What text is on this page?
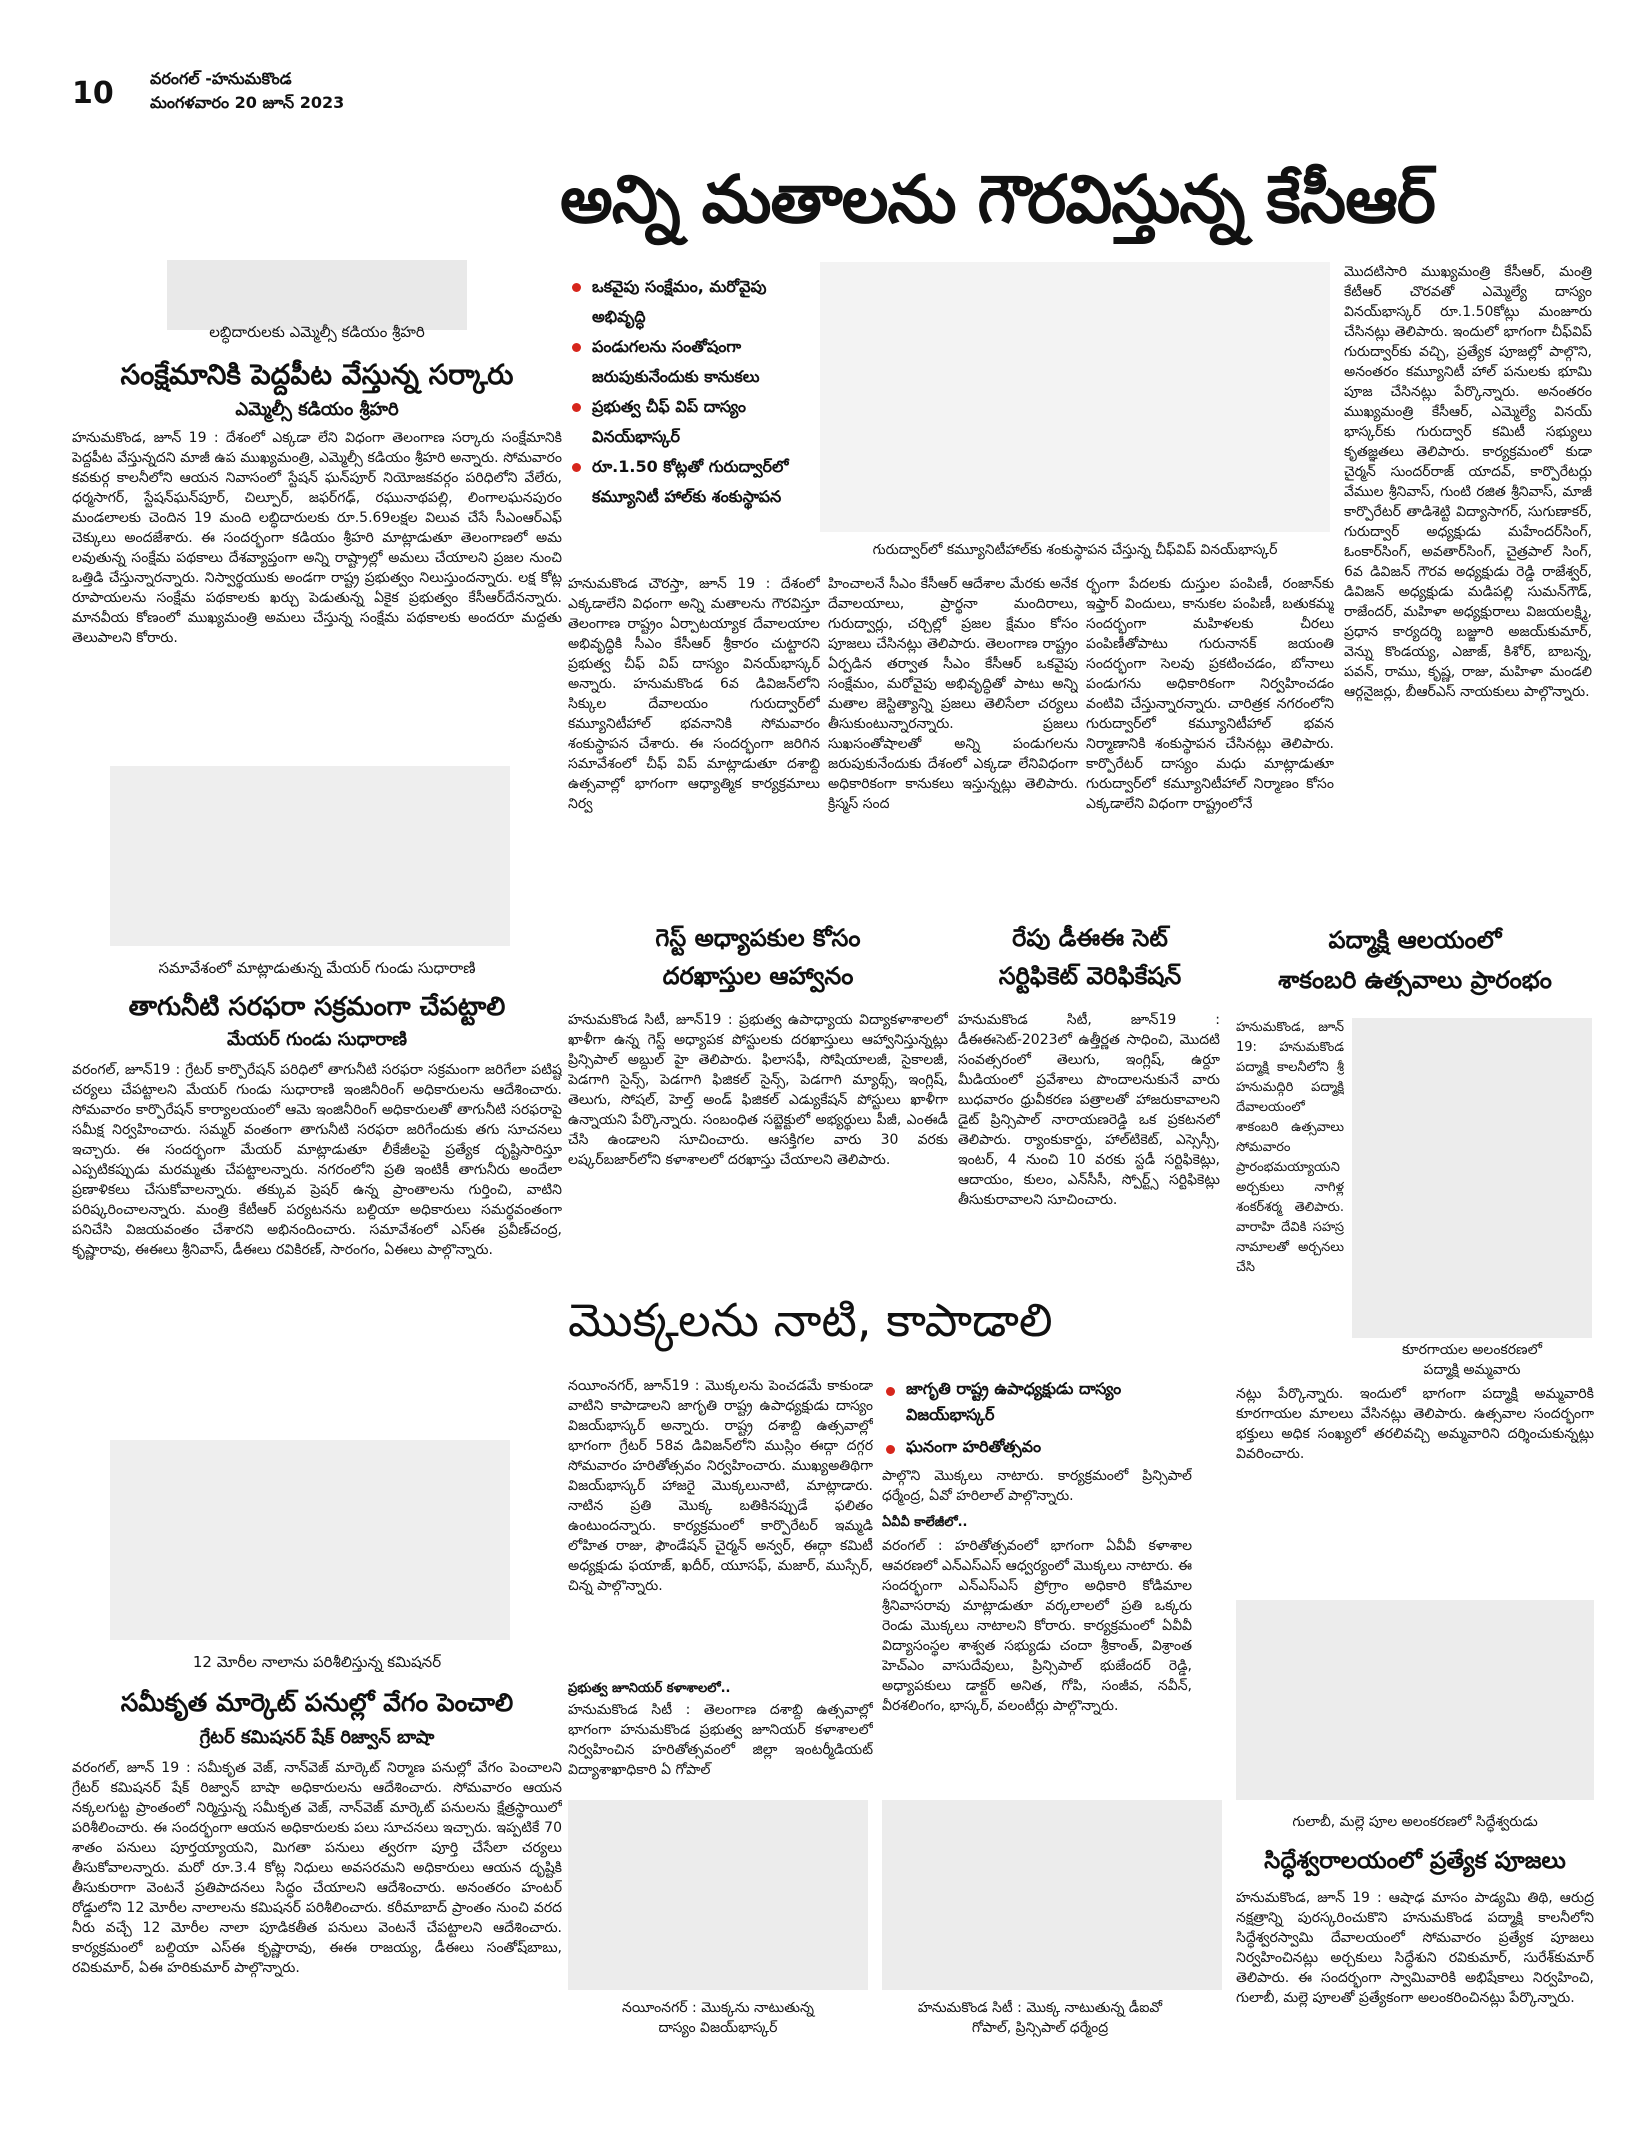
10 వరంగల్ -హనుమకొండ
మంగళవారం 20 జూన్ 2023
అన్ని మతాలను గౌరవిస్తున్న కేసీఆర్
లబ్ధిదారులకు ఎమ్మెల్సీ కడియం శ్రీహరి
సంక్షేమానికి పెద్దపీట వేస్తున్న సర్కారు
ఎమ్మెల్సీ కడియం శ్రీహరి
హనుమకొండ, జూన్ 19 : దేశంలో ఎక్కడా లేని విధంగా తెలంగాణ సర్కారు సంక్షేమానికి పెద్దపీట వేస్తున్నదని మాజీ ఉప ముఖ్యమంత్రి, ఎమ్మెల్సీ కడియం శ్రీహరి అన్నారు. సోమవారం కవకుర్గ కాలనీలోని ఆయన నివాసంలో స్టేషన్ ఘన్‌పూర్ నియోజకవర్గం పరిధిలోని వేలేరు, ధర్మసాగర్, స్టేషన్‌ఘన్‌పూర్, చిల్పూర్, జఫర్‌గఢ్, రఘునాథపల్లి, లింగాలఘనపురం మండలాలకు చెందిన 19 మంది లబ్ధిదారులకు రూ.5.69లక్షల విలువ చేసే సీఎంఆర్ఎఫ్ చెక్కులు అందజేశారు. ఈ సందర్భంగా కడియం శ్రీహరి మాట్లాడుతూ తెలంగాణలో అమ లవుతున్న సంక్షేమ పథకాలు దేశవ్యాప్తంగా అన్ని రాష్ట్రాల్లో అమలు చేయాలని ప్రజల నుంచి ఒత్తిడి చేస్తున్నారన్నారు. నిస్వార్థయుకు అండగా రాష్ట్ర ప్రభుత్వం నిలుస్తుందన్నారు. లక్ష కోట్ల రూపాయలను సంక్షేమ పథకాలకు ఖర్చు పెడుతున్న ఏకైక ప్రభుత్వం కేసీఆర్‌దేనన్నారు. మానవీయ కోణంలో ముఖ్యమంత్రి అమలు చేస్తున్న సంక్షేమ పథకాలకు అందరూ మద్దతు తెలుపాలని కోరారు.
ఒకవైపు సంక్షేమం, మరోవైపు అభివృద్ధి
పండుగలను సంతోషంగా జరుపుకునేందుకు కానుకలు
ప్రభుత్వ చీఫ్ విప్ దాస్యం వినయ్‌భాస్కర్
రూ.1.50 కోట్లతో గురుద్వార్‌లో కమ్యూనిటీ హాల్‌కు శంకుస్థాపన
గురుద్వార్‌లో కమ్యూనిటీహాల్‌కు శంకుస్థాపన చేస్తున్న చీఫ్‌విప్ వినయ్‌భాస్కర్
హనుమకొండ చౌరస్తా, జూన్ 19 : దేశంలో ఎక్కడాలేని విధంగా అన్ని మతాలను గౌరవిస్తూ తెలంగాణ రాష్ట్రం ఏర్పాటయ్యాక దేవాలయాల అభివృద్ధికి సీఎం కేసీఆర్ శ్రీకారం చుట్టారని ప్రభుత్వ చీఫ్ విప్ దాస్యం వినయ్‌భాస్కర్ అన్నారు. హనుమకొండ 6వ డివిజన్‌లోని సిక్కుల దేవాలయం గురుద్వార్‌లో కమ్యూనిటీహాల్ భవనానికి సోమవారం శంకుస్థాపన చేశారు. ఈ సందర్భంగా జరిగిన సమావేశంలో చీఫ్ విప్ మాట్లాడుతూ దశాబ్ది ఉత్సవాల్లో భాగంగా ఆధ్యాత్మిక కార్యక్రమాలు నిర్వ
హించాలనే సీఎం కేసీఆర్ ఆదేశాల మేరకు అనేక దేవాలయాలు, ప్రార్థనా మందిరాలు, గురుద్వార్లు, చర్చిల్లో ప్రజల క్షేమం కోసం పూజలు చేసినట్లు తెలిపారు. తెలంగాణ రాష్ట్రం ఏర్పడిన తర్వాత సీఎం కేసీఆర్ ఒకవైపు సంక్షేమం, మరోవైపు అభివృద్ధితో పాటు అన్ని మతాల జెస్టిత్యాన్ని ప్రజలు తెలిసేలా చర్యలు తీసుకుంటున్నారన్నారు. ప్రజలు సుఖసంతోషాలతో అన్ని పండుగలను జరుపుకునేందుకు దేశంలో ఎక్కడా లేనివిధంగా అధికారికంగా కానుకలు ఇస్తున్నట్లు తెలిపారు. క్రిస్మస్ సంద
ర్భంగా పేదలకు దుస్తుల పంపిణీ, రంజాన్‌కు ఇఫ్తార్ విందులు, కానుకల పంపిణీ, బతుకమ్మ సందర్భంగా మహిళలకు చీరలు పంపిణీతోపాటు గురునానక్ జయంతి సందర్భంగా సెలవు ప్రకటించడం, బోనాలు పండుగను అధికారికంగా నిర్వహించడం వంటివి చేస్తున్నారన్నారు. చారిత్రక నగరంలోని గురుద్వార్‌లో కమ్యూనిటీహాల్ భవన నిర్మాణానికి శంకుస్థాపన చేసినట్లు తెలిపారు. కార్పొరేటర్ దాస్యం మధు మాట్లాడుతూ గురుద్వార్‌లో కమ్యూనిటీహాల్ నిర్మాణం కోసం ఎక్కడాలేని విధంగా రాష్ట్రంలోనే
మొదటిసారి ముఖ్యమంత్రి కేసీఆర్, మంత్రి కేటీఆర్ చొరవతో ఎమ్మెల్యే దాస్యం వినయ్‌భాస్కర్ రూ.1.50కోట్లు మంజూరు చేసినట్లు తెలిపారు. ఇందులో భాగంగా చీఫ్‌విప్ గురుద్వార్‌కు వచ్చి, ప్రత్యేక పూజల్లో పాల్గొని, అనంతరం కమ్యూనిటీ హాల్ పనులకు భూమి పూజ చేసినట్లు పేర్కొన్నారు. అనంతరం ముఖ్యమంత్రి కేసీఆర్, ఎమ్మెల్యే వినయ్ భాస్కర్‌కు గురుద్వార్ కమిటీ సభ్యులు కృతజ్ఞతలు తెలిపారు. కార్యక్రమంలో కుడా చైర్మన్ సుందర్‌రాజ్ యాదవ్, కార్పొరేటర్లు వేముల శ్రీనివాస్, గుంటి రజిత శ్రీనివాస్, మాజీ కార్పొరేటర్ తాడిశెట్టి విద్యాసాగర్, సుగుణాకర్, గురుద్వార్ అధ్యక్షుడు మహేందర్‌సింగ్, ఓంకార్‌సింగ్, అవతార్‌సింగ్, చైత్రపాల్ సింగ్, 6వ డివిజన్ గౌరవ అధ్యక్షుడు రెడ్డి రాజేశ్వర్, డివిజన్ అధ్యక్షుడు మడిపల్లి సుమన్‌గౌడ్, రాజేందర్, మహిళా అధ్యక్షురాలు విజయలక్ష్మి, ప్రధాన కార్యదర్శి బజ్జూరి అజయ్‌కుమార్, వెన్ను కొండయ్య, ఎజాజ్, కిశోర్, బాబన్న, పవన్, రాము, కృష్ణ, రాజు, మహిళా మండలి ఆర్గనైజర్లు, బీఆర్ఎస్ నాయకులు పాల్గొన్నారు.
సమావేశంలో మాట్లాడుతున్న మేయర్ గుండు సుధారాణి
తాగునీటి సరఫరా సక్రమంగా చేపట్టాలి
మేయర్ గుండు సుధారాణి
వరంగల్, జూన్19 : గ్రేటర్ కార్పొరేషన్ పరిధిలో తాగునీటి సరఫరా సక్రమంగా జరిగేలా పటిష్ట చర్యలు చేపట్టాలని మేయర్ గుండు సుధారాణి ఇంజినీరింగ్ అధికారులను ఆదేశించారు. సోమవారం కార్పొరేషన్ కార్యాలయంలో ఆమె ఇంజినీరింగ్ అధికారులతో తాగునీటి సరఫరాపై సమీక్ష నిర్వహించారు. సమ్మర్ వంతంగా తాగునీటి సరఫరా జరిగేందుకు తగు సూచనలు ఇచ్చారు. ఈ సందర్భంగా మేయర్ మాట్లాడుతూ లీకేజీలపై ప్రత్యేక దృష్టిసారిస్తూ ఎప్పటికప్పుడు మరమ్మతు చేపట్టాలన్నారు. నగరంలోని ప్రతి ఇంటికీ తాగునీరు అందేలా ప్రణాళికలు చేసుకోవాలన్నారు. తక్కువ ప్రెషర్ ఉన్న ప్రాంతాలను గుర్తించి, వాటిని పరిష్కరించాలన్నారు. మంత్రి కేటీఆర్ పర్యటనను బల్దియా అధికారులు సమర్థవంతంగా పనిచేసి విజయవంతం చేశారని అభినందించారు. సమావేశంలో ఎస్ఈ ప్రవీణ్‌చంద్ర, కృష్ణారావు, ఈఈలు శ్రీనివాస్, డీఈలు రవికిరణ్, సారంగం, ఏఈలు పాల్గొన్నారు.
గెస్ట్ అధ్యాపకుల కోసం
దరఖాస్తుల ఆహ్వానం
హనుమకొండ సిటీ, జూన్19 : ప్రభుత్వ ఉపాధ్యాయ విద్యాకళాశాలలో ఖాళీగా ఉన్న గెస్ట్ అధ్యాపక పోస్టులకు దరఖాస్తులు ఆహ్వానిస్తున్నట్లు ప్రిన్సిపాల్ అబ్దుల్ హై తెలిపారు. ఫిలాసఫీ, సోషియాలజీ, సైకాలజీ, పెడగాగి సైన్స్, పెడగాగి ఫిజికల్ సైన్స్, పెడగాగి మ్యాథ్స్, ఇంగ్లిష్, తెలుగు, సోషల్, హెల్త్ అండ్ ఫిజికల్ ఎడ్యుకేషన్ పోస్టులు ఖాళీగా ఉన్నాయని పేర్కొన్నారు. సంబంధిత సబ్జెక్టులో అభ్యర్థులు పీజీ, ఎంఈడీ చేసి ఉండాలని సూచించారు. ఆసక్తిగల వారు 30 వరకు లష్కర్‌బజార్‌లోని కళాశాలలో దరఖాస్తు చేయాలని తెలిపారు.
రేపు డీఈఈ సెట్
సర్టిఫికెట్ వెరిఫికేషన్
హనుమకొండ సిటీ, జూన్19 : డీఈఈసెట్-2023లో ఉత్తీర్ణత సాధించి, మొదటి సంవత్సరంలో తెలుగు, ఇంగ్లిష్, ఉర్దూ మీడియంలో ప్రవేశాలు పొందాలనుకునే వారు బుధవారం ధ్రువీకరణ పత్రాలతో హాజరుకావాలని డైట్ ప్రిన్సిపాల్ నారాయణరెడ్డి ఒక ప్రకటనలో తెలిపారు. ర్యాంకుకార్డు, హాల్‌టికెట్, ఎస్సెస్సీ, ఇంటర్, 4 నుంచి 10 వరకు స్టడీ సర్టిఫికెట్లు, ఆదాయం, కులం, ఎన్‌సీసీ, స్పోర్ట్స్ సర్టిఫికెట్లు తీసుకురావాలని సూచించారు.
పద్మాక్షి ఆలయంలో
శాకంబరి ఉత్సవాలు ప్రారంభం
హనుమకొండ, జూన్ 19: హనుమకొండ పద్మాక్షి కాలనీలోని శ్రీ హనుమద్గిరి పద్మాక్షి దేవాలయంలో శాకంబరి ఉత్సవాలు సోమవారం ప్రారంభమయ్యాయని అర్చకులు నాగిళ్ల శంకర్‌శర్మ తెలిపారు. వారాహి దేవికి సహస్ర నామాలతో అర్చనలు చేసి
కూరగాయల అలంకరణలో
పద్మాక్షి అమ్మవారు
నట్లు పేర్కొన్నారు. ఇందులో భాగంగా పద్మాక్షి అమ్మవారికి కూరగాయల మాలలు వేసినట్లు తెలిపారు. ఉత్సవాల సందర్భంగా భక్తులు అధిక సంఖ్యలో తరలివచ్చి అమ్మవారిని దర్శించుకున్నట్లు వివరించారు.
మొక్కలను నాటి, కాపాడాలి
జాగృతి రాష్ట్ర ఉపాధ్యక్షుడు దాస్యం విజయ్‌భాస్కర్
ఘనంగా హరితోత్సవం
నయీంనగర్, జూన్19 : మొక్కలను పెంచడమే కాకుండా వాటిని కాపాడాలని జాగృతి రాష్ట్ర ఉపాధ్యక్షుడు దాస్యం విజయ్‌భాస్కర్ అన్నారు. రాష్ట్ర దశాబ్ది ఉత్సవాల్లో భాగంగా గ్రేటర్ 58వ డివిజన్‌లోని ముస్లిం ఈద్గా దగ్గర సోమవారం హరితోత్సవం నిర్వహించారు. ముఖ్యఅతిథిగా విజయ్‌భాస్కర్ హాజరై మొక్కలునాటి, మాట్లాడారు. నాటిన ప్రతి మొక్క బతికినప్పుడే ఫలితం ఉంటుందన్నారు. కార్యక్రమంలో కార్పొరేటర్ ఇమ్మడి లోహిత రాజు, ఫౌండేషన్ చైర్మన్ అన్వర్, ఈద్గా కమిటీ అధ్యక్షుడు ఫయాజ్, ఖదీర్, యూసఫ్, మజార్, ముస్సేర్, చిన్న పాల్గొన్నారు.
ప్రభుత్వ జూనియర్ కళాశాలలో..
హనుమకొండ సిటీ : తెలంగాణ దశాబ్ది ఉత్సవాల్లో భాగంగా హనుమకొండ ప్రభుత్వ జూనియర్ కళాశాలలో నిర్వహించిన హరితోత్సవంలో జిల్లా ఇంటర్మీడియట్ విద్యాశాఖాధికారి ఏ గోపాల్
పాల్గొని మొక్కలు నాటారు. కార్యక్రమంలో ప్రిన్సిపాల్ ధర్మేంద్ర, ఏవో హరిలాల్ పాల్గొన్నారు.
ఏవీవీ కాలేజీలో..
వరంగల్ : హరితోత్సవంలో భాగంగా ఏవీవీ కళాశాల ఆవరణలో ఎన్ఎస్ఎస్ ఆధ్వర్యంలో మొక్కలు నాటారు. ఈ సందర్భంగా ఎన్ఎస్ఎస్ ప్రోగ్రాం అధికారి కోడిమాల శ్రీనివాసరావు మాట్లాడుతూ వర్కలాలలో ప్రతి ఒక్కరు రెండు మొక్కలు నాటాలని కోరారు. కార్యక్రమంలో ఏవీవీ విద్యాసంస్థల శాశ్వత సభ్యుడు చందా శ్రీకాంత్, విశ్రాంత హెచ్ఎం వాసుదేవులు, ప్రిన్సిపాల్ భుజేందర్ రెడ్డి, అధ్యాపకులు డాక్టర్ అనిత, గోపి, సంజీవ, నవీన్, వీరశలింగం, భాస్కర్, వలంటీర్లు పాల్గొన్నారు.
నయీంనగర్ : మొక్కను నాటుతున్న
దాస్యం విజయ్‌భాస్కర్
హనుమకొండ సిటీ : మొక్క నాటుతున్న డీఐవో
గోపాల్, ప్రిన్సిపాల్ ధర్మేంద్ర
12 మోరీల నాలాను పరిశీలిస్తున్న కమిషనర్
సమీకృత మార్కెట్ పనుల్లో వేగం పెంచాలి
గ్రేటర్ కమిషనర్ షేక్ రిజ్వాన్ బాషా
వరంగల్, జూన్ 19 : సమీకృత వెజ్, నాన్‌వెజ్ మార్కెట్ నిర్మాణ పనుల్లో వేగం పెంచాలని గ్రేటర్ కమిషనర్ షేక్ రిజ్వాన్ బాషా అధికారులను ఆదేశించారు. సోమవారం ఆయన నక్కలగుట్ట ప్రాంతంలో నిర్మిస్తున్న సమీకృత వెజ్, నాన్‌వెజ్ మార్కెట్ పనులను క్షేత్రస్థాయిలో పరిశీలించారు. ఈ సందర్భంగా ఆయన అధికారులకు పలు సూచనలు ఇచ్చారు. ఇప్పటికే 70 శాతం పనులు పూర్తయ్యాయని, మిగతా పనులు త్వరగా పూర్తి చేసేలా చర్యలు తీసుకోవాలన్నారు. మరో రూ.3.4 కోట్ల నిధులు అవసరమని అధికారులు ఆయన దృష్టికి తీసుకురాగా వెంటనే ప్రతిపాదనలు సిద్ధం చేయాలని ఆదేశించారు. అనంతరం హంటర్ రోడ్డులోని 12 మోరీల నాలాలను కమిషనర్ పరిశీలించారు. కరీమాబాద్ ప్రాంతం నుంచి వరద నీరు వచ్చే 12 మోరీల నాలా పూడికతీత పనులు వెంటనే చేపట్టాలని ఆదేశించారు. కార్యక్రమంలో బల్దియా ఎస్ఈ కృష్ణారావు, ఈఈ రాజయ్య, డీఈలు సంతోష్‌బాబు, రవికుమార్, ఏఈ హరికుమార్ పాల్గొన్నారు.
గులాబీ, మల్లె పూల అలంకరణలో సిద్ధేశ్వరుడు
సిద్ధేశ్వరాలయంలో ప్రత్యేక పూజలు
హనుమకొండ, జూన్ 19 : ఆషాఢ మాసం పాడ్యమి తిథి, ఆరుద్ర నక్షత్రాన్ని పురస్కరించుకొని హనుమకొండ పద్మాక్షి కాలనీలోని సిద్ధేశ్వరస్వామి దేవాలయంలో సోమవారం ప్రత్యేక పూజలు నిర్వహించినట్లు అర్చకులు సిద్ధేశుని రవికుమార్, సురేశ్‌కుమార్ తెలిపారు. ఈ సందర్భంగా స్వామివారికి అభిషేకాలు నిర్వహించి, గులాబీ, మల్లె పూలతో ప్రత్యేకంగా అలంకరించినట్లు పేర్కొన్నారు.
